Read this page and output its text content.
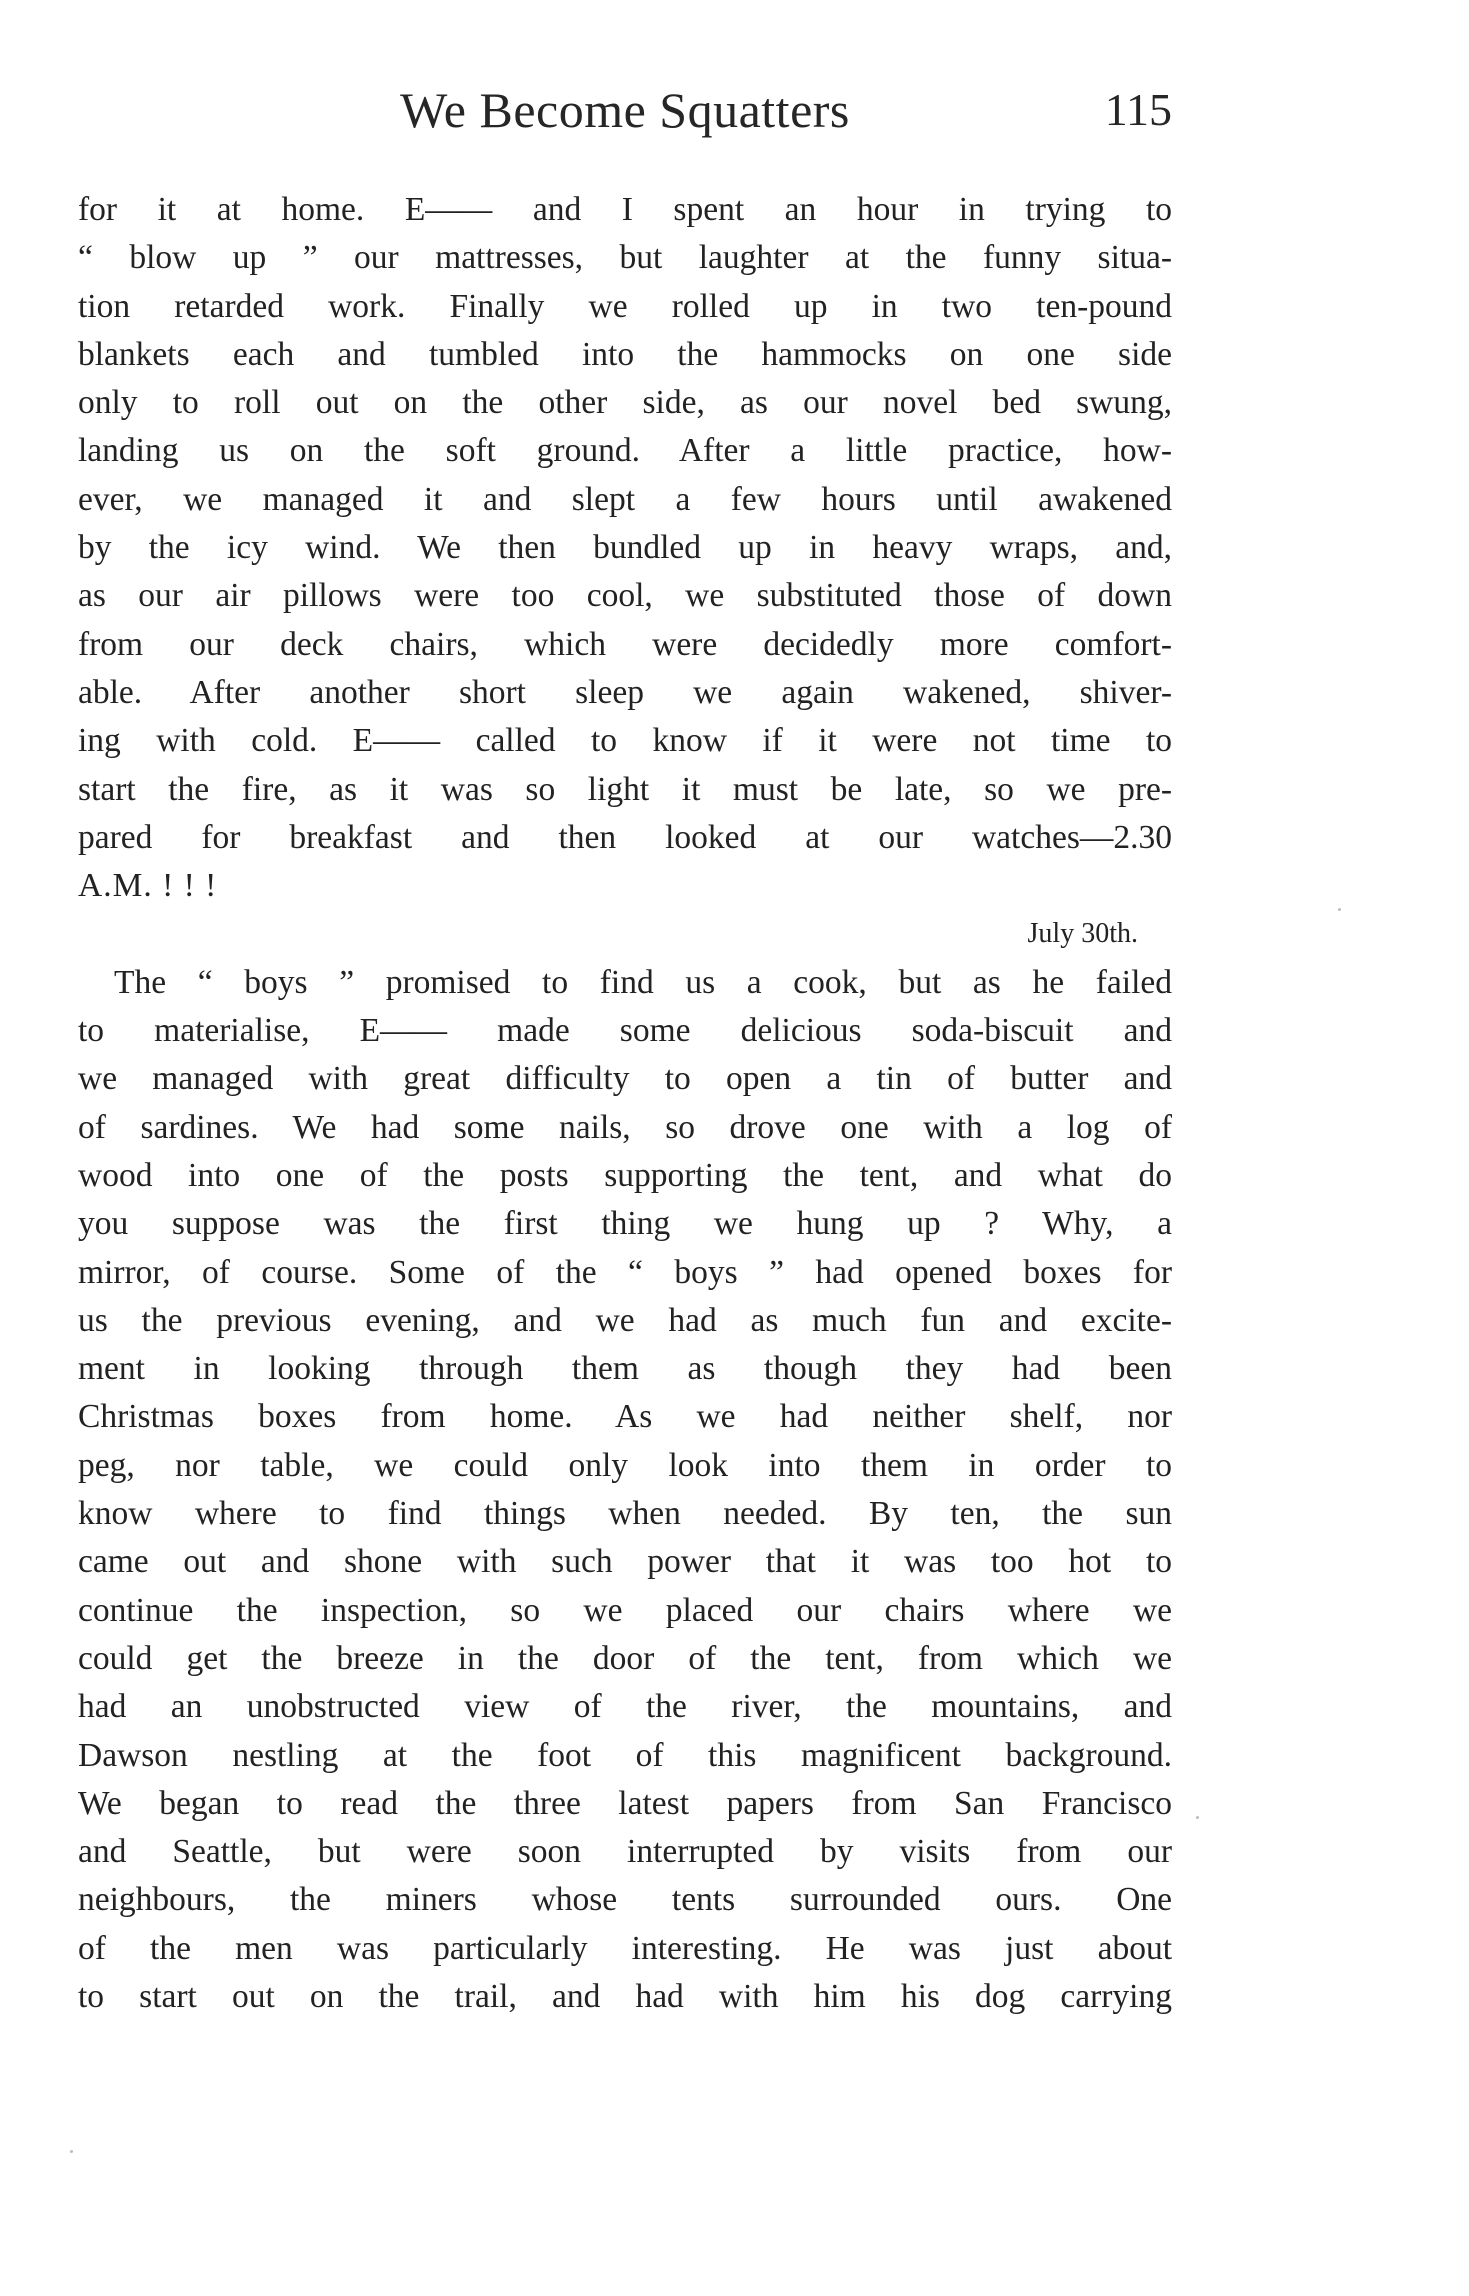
We Become Squatters	115
for it at home. E—— and I spent an hour in trying to
“ blow up ” our mattresses, but laughter at the funny situa-
tion retarded work. Finally we rolled up in two ten-pound
blankets each and tumbled into the hammocks on one side
only to roll out on the other side, as our novel bed swung,
landing us on the soft ground. After a little practice, how-
ever, we managed it and slept a few hours until awakened
by the icy wind. We then bundled up in heavy wraps, and,
as our air pillows were too cool, we substituted those of down
from our deck chairs, which were decidedly more comfort-
able. After another short sleep we again wakened, shiver-
ing with cold. E—— called to know if it were not time to
start the fire, as it was so light it must be late, so we pre-
pared for breakfast and then looked at our watches—2.30
A.M. ! ! !
July 30th.
The “ boys ” promised to find us a cook, but as he failed
to materialise, E—— made some delicious soda-biscuit and
we managed with great difficulty to open a tin of butter and
of sardines. We had some nails, so drove one with a log of
wood into one of the posts supporting the tent, and what do
you suppose was the first thing we hung up ? Why, a
mirror, of course. Some of the “ boys ” had opened boxes for
us the previous evening, and we had as much fun and excite-
ment in looking through them as though they had been
Christmas boxes from home. As we had neither shelf, nor
peg, nor table, we could only look into them in order to
know where to find things when needed. By ten, the sun
came out and shone with such power that it was too hot to
continue the inspection, so we placed our chairs where we
could get the breeze in the door of the tent, from which we
had an unobstructed view of the river, the mountains, and
Dawson nestling at the foot of this magnificent background.
We began to read the three latest papers from San Francisco
and Seattle, but were soon interrupted by visits from our
neighbours, the miners whose tents surrounded ours. One
of the men was particularly interesting. He was just about
to start out on the trail, and had with him his dog carrying
